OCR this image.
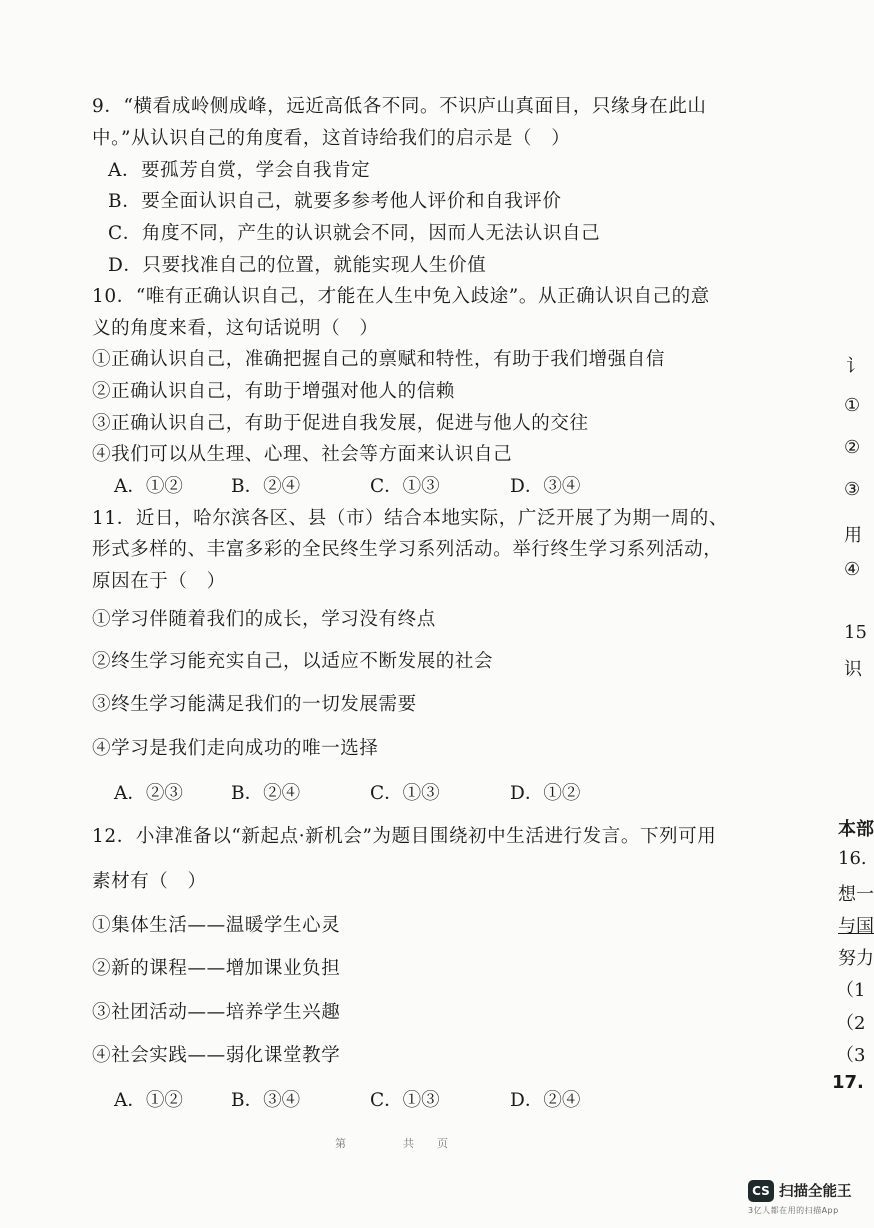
9．“横看成岭侧成峰，远近高低各不同。不识庐山真面目，只缘身在此山
中。”从认识自己的角度看，这首诗给我们的启示是（　）
A．要孤芳自赏，学会自我肯定
B．要全面认识自己，就要多参考他人评价和自我评价
C．角度不同，产生的认识就会不同，因而人无法认识自己
D．只要找准自己的位置，就能实现人生价值
10．“唯有正确认识自己，才能在人生中免入歧途”。从正确认识自己的意
义的角度来看，这句话说明（　）
①正确认识自己，准确把握自己的禀赋和特性，有助于我们增强自信
②正确认识自己，有助于增强对他人的信赖
③正确认识自己，有助于促进自我发展，促进与他人的交往
④我们可以从生理、心理、社会等方面来认识自己
A．①②	B．②④	C．①③	D．③④
11．近日，哈尔滨各区、县（市）结合本地实际，广泛开展了为期一周的、
形式多样的、丰富多彩的全民终生学习系列活动。举行终生学习系列活动，
原因在于（　）
①学习伴随着我们的成长，学习没有终点
②终生学习能充实自己，以适应不断发展的社会
③终生学习能满足我们的一切发展需要
④学习是我们走向成功的唯一选择
A．②③	B．②④	C．①③	D．①②
12．小津准备以“新起点·新机会”为题目围绕初中生活进行发言。下列可用
素材有（　）
①集体生活——温暖学生心灵
②新的课程——增加课业负担
③社团活动——培养学生兴趣
④社会实践——弱化课堂教学
A．①②	B．③④	C．①③	D．②④
第　　　共　页
讠
①
②
③
用
④
15
识
本部
16.
想一
与国
努力
（1
（2
（3
17.
CS 扫描全能王
3亿人都在用的扫描App
